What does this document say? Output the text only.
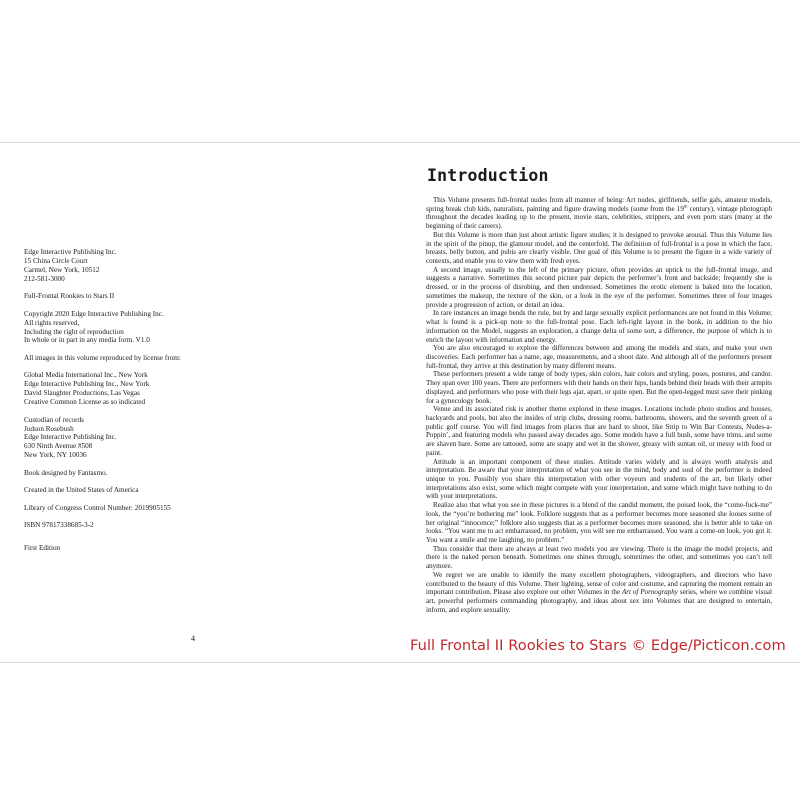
Edge Interactive Publishing Inc.
15 China Circle Court
Carmel, New York, 10512
212-581-3000
Full-Frontal Rookies to Stars II
Copyright 2020 Edge Interactive Publishing Inc.
All rights reserved,
Including the right of reproduction
In whole or in part in any media form. V1.0
All images in this volume reproduced by license from:
Global Media International Inc., New York
Edge Interactive Publishing Inc., New York
David Slaughter Productions, Las Vegas
Creative Common License as so indicated
Custodian of records
Judson Rosebush
Edge Interactive Publishing Inc.
630 Ninth Avenue #508
New York, NY 10036
Book designed by Fantasmo.
Created in the United States of America
Library of Congress Control Number: 2019905155
ISBN 97817338685-3-2
First Edition
4
Introduction

This Volume presents full-frontal nudes from all manner of being: Art nudes, girlfriends, selfie gals, amateur models, spring break club kids, naturalists, painting and figure drawing models (some from the 19th century), vintage photograph throughout the decades leading up to the present, movie stars, celebrities, strippers, and even porn stars (many at the beginning of their careers).

But this Volume is more than just about artistic figure studies; it is designed to provoke arousal. Thus this Volume lies in the spirit of the pinup, the glamour model, and the centerfold. The definition of full-frontal is a pose in which the face, breasts, belly button, and pubis are clearly visible. One goal of this Volume is to present the figure in a wide variety of contexts, and enable you to view them with fresh eyes.

A second image, usually to the left of the primary picture, often provides an uptick to the full-frontal image, and suggests a narrative. Sometimes this second picture pair depicts the performer’s front and backside; frequently she is dressed, or in the process of disrobing, and then undressed. Sometimes the erotic element is baked into the location, sometimes the makeup, the texture of the skin, or a look in the eye of the performer. Sometimes three of four images provide a progression of action, or detail an idea.

In rare instances an image bends the rule, but by and large sexually explicit performances are not found in this Volume; what is found is a pick-up note to the full-frontal pose. Each left-right layout in the book, in addition to the bio information on the Model, suggests an exploration, a change delta of some sort, a difference, the purpose of which is to enrich the layout with information and energy.

You are also encouraged to explore the differences between and among the models and stars, and make your own discoveries. Each performer has a name, age, measurements, and a shoot date. And although all of the performers present full-frontal, they arrive at this destination by many different means.

These performers present a wide range of body types, skin colors, hair colors and styling, poses, postures, and candor. They span over 100 years. There are performers with their hands on their hips, hands behind their heads with their armpits displayed, and performers who pose with their legs ajar, apart, or quite open. But the open-legged must save their pinking for a gynecology book.

Venue and its associated risk is another theme explored in these images. Locations include photo studios and houses, backyards and pools, but also the insides of strip clubs, dressing rooms, bathrooms, showers, and the seventh green of a public golf course. You will find images from places that are hard to shoot, like Strip to Win Bar Contests, Nudes-a-Poppin’, and featuring models who passed away decades ago. Some models have a full bush, some have trims, and some are shaven bare. Some are tattooed, some are soapy and wet in the shower, greasy with suntan oil, or messy with food or paint.

Attitude is an important component of these studies. Attitude varies widely and is always worth analysis and interpretation. Be aware that your interpretation of what you see in the mind, body and soul of the performer is indeed unique to you. Possibly you share this interpretation with other voyeurs and students of the art, but likely other interpretations also exist, some which might compete with your interpretation, and some which might have nothing to do with your interpretations.

Realize also that what you see in these pictures is a blend of the candid moment, the poised look, the “come-fuck-me” look, the “you’re bothering me” look. Folklore suggests that as a performer becomes more seasoned she looses some of her original “innocence;” folklore also suggests that as a performer becomes more seasoned, she is better able to take on looks. “You want me to act embarrassed, no problem, you will see me embarrassed. You want a come-on look, you got it. You want a smile and me laughing, no problem.”

Thus consider that there are always at least two models you are viewing. There is the image the model projects, and there is the naked person beneath. Sometimes one shines through, sometimes the other, and sometimes you can’t tell anymore.

We regret we are unable to identify the many excellent photographers, videographers, and directors who have contributed to the beauty of this Volume. Their lighting, sense of color and costume, and capturing the moment remain an important contribution. Please also explore our other Volumes in the Art of Pornography series, where we combine visual art, powerful performers commanding photography, and ideas about sex into Volumes that are designed to entertain, inform, and explore sexuality.

Full Frontal II Rookies to Stars © Edge/Picticon.com
